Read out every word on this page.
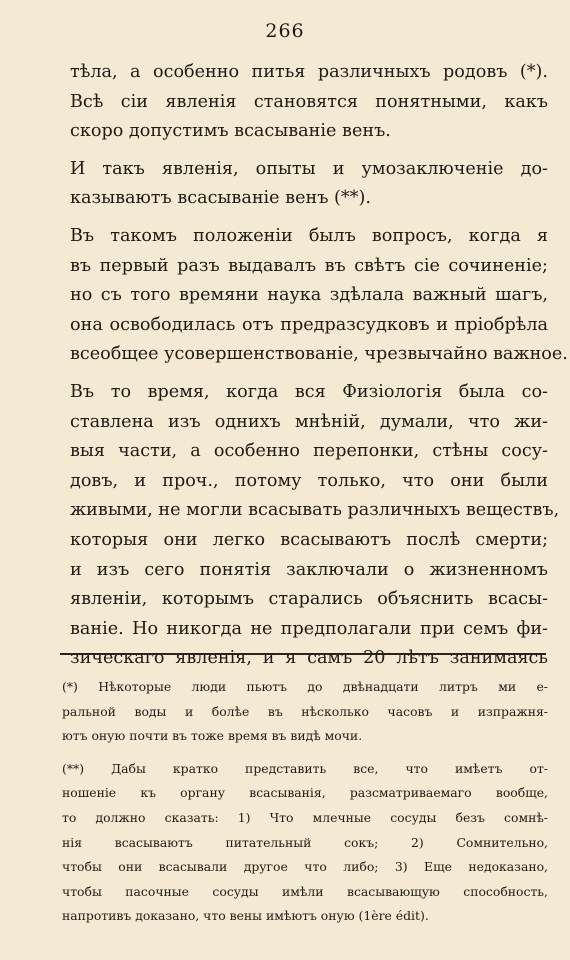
266
тѣла, а особенно питья различныхъ родовъ (*).
Всѣ сіи явленія становятся понятными, какъ
скоро допустимъ всасываніе венъ.
И такъ явленія, опыты и умозаключеніе до-
казываютъ всасываніе венъ (**).
Въ такомъ положеніи былъ вопросъ, когда я
въ первый разъ выдавалъ въ свѣтъ сіе сочиненіе;
но съ того времяни наука здѣлала важный шагъ,
она освободилась отъ предразсудковъ и пріобрѣла
всеобщее усовершенствованіе, чрезвычайно важное.
Въ то время, когда вся Физіологія была со-
ставлена изъ однихъ мнѣній, думали, что жи-
выя части, а особенно перепонки, стѣны сосу-
довъ, и проч., потому только, что они были
живыми, не могли всасывать различныхъ веществъ,
которыя они легко всасываютъ послѣ смерти;
и изъ сего понятія заключали о жизненномъ
явленіи, которымъ старались объяснить всасы-
ваніе. Но никогда не предполагали при семъ фи-
зическаго явленія, и я самъ 20 лѣтъ занимаясь
(*) Нѣкоторые люди пьютъ до двѣнадцати литръ ми е-
ральной воды и болѣе въ нѣсколько часовъ и изпражня-
ютъ оную почти въ тоже время въ видѣ мочи.
(**) Дабы кратко представить все, что имѣетъ от-
ношеніе къ органу всасыванія, разсматриваемаго вообще,
то должно сказать: 1) Что млечные сосуды безъ сомнѣ-
нія всасываютъ питательный сокъ; 2) Сомнительно,
чтобы они всасывали другое что либо; 3) Еще недоказано,
чтобы пасочные сосуды имѣли всасывающую способность,
напротивъ доказано, что вены имѣютъ оную (1ère édit).
